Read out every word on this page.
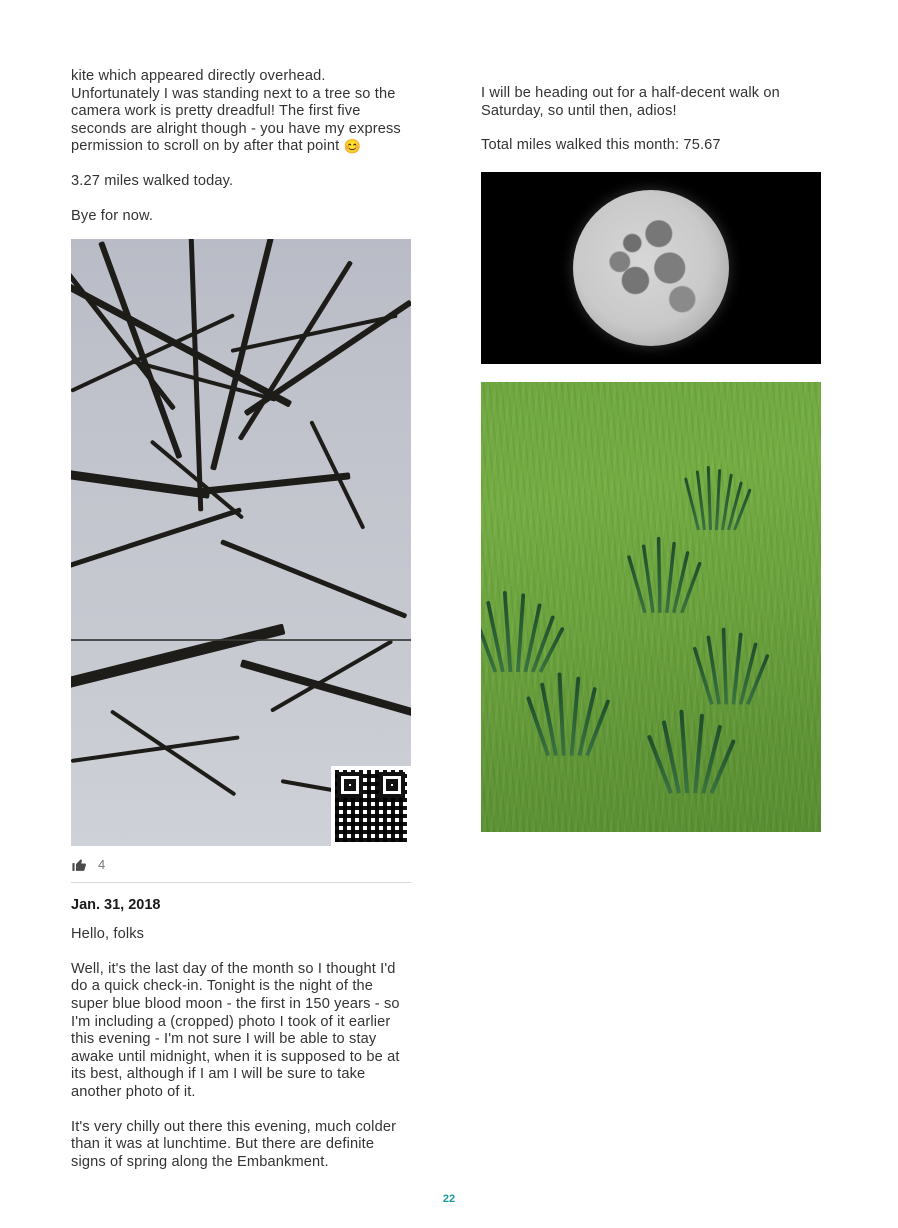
kite which appeared directly overhead. Unfortunately I was standing next to a tree so the camera work is pretty dreadful! The first five seconds are alright though - you have my express permission to scroll on by after that point 😊

3.27 miles walked today.

Bye for now.

4
Jan. 31, 2018

Hello, folks

Well, it's the last day of the month so I thought I'd do a quick check-in. Tonight is the night of the super blue blood moon - the first in 150 years - so I'm including a (cropped) photo I took of it earlier this evening - I'm not sure I will be able to stay awake until midnight, when it is supposed to be at its best, although if I am I will be sure to take another photo of it.

It's very chilly out there this evening, much colder than it was at lunchtime. But there are definite signs of spring along the Embankment.

I will be heading out for a half-decent walk on Saturday, so until then, adios!

Total miles walked this month: 75.67

22
